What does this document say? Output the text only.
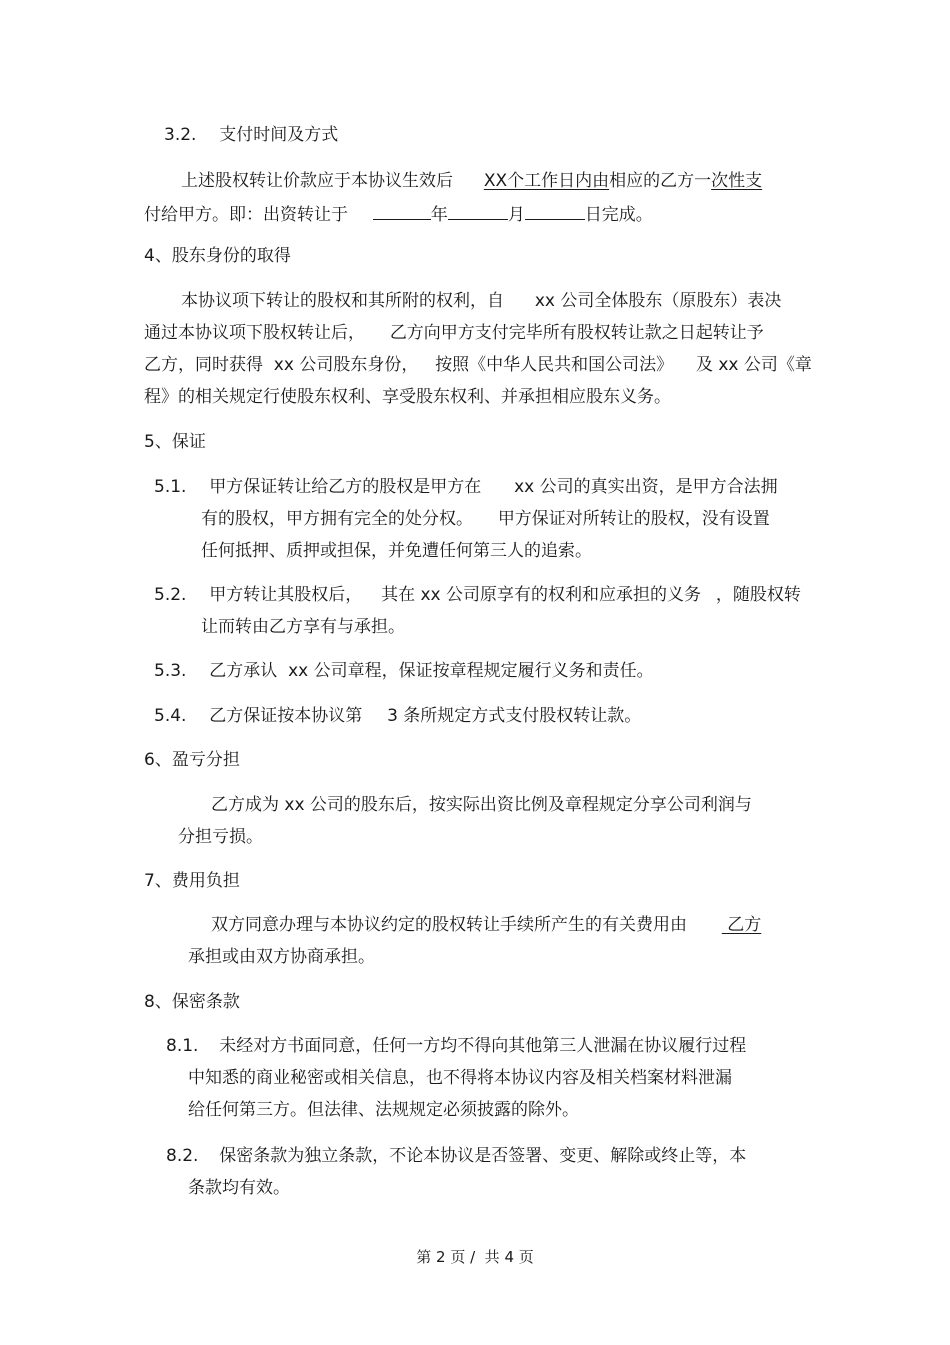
3.2. 支付时间及方式
上述股权转让价款应于本协议生效后 XX个工作日内由相应的乙方一次性支
付给甲方。即：出资转让于	年	月	日完成。
4、股东身份的取得
本协议项下转让的股权和其所附的权利，自 xx 公司全体股东（原股东）表决
通过本协议项下股权转让后， 乙方向甲方支付完毕所有股权转让款之日起转让予
乙方，同时获得  xx 公司股东身份， 按照《中华人民共和国公司法》 及 xx 公司《章
程》的相关规定行使股东权利、享受股东权利、并承担相应股东义务。
5、保证
5.1. 甲方保证转让给乙方的股权是甲方在 xx 公司的真实出资，是甲方合法拥
有的股权，甲方拥有完全的处分权。 甲方保证对所转让的股权，没有设置
任何抵押、质押或担保，并免遭任何第三人的追索。
5.2. 甲方转让其股权后， 其在 xx 公司原享有的权利和应承担的义务 ，随股权转
让而转由乙方享有与承担。
5.3. 乙方承认  xx 公司章程，保证按章程规定履行义务和责任。
5.4. 乙方保证按本协议第 3 条所规定方式支付股权转让款。
6、盈亏分担
乙方成为 xx 公司的股东后，按实际出资比例及章程规定分享公司利润与
分担亏损。
7、费用负担
双方同意办理与本协议约定的股权转让手续所产生的有关费用由   乙方
承担或由双方协商承担。
8、保密条款
8.1. 未经对方书面同意，任何一方均不得向其他第三人泄漏在协议履行过程
中知悉的商业秘密或相关信息，也不得将本协议内容及相关档案材料泄漏
给任何第三方。但法律、法规规定必须披露的除外。
8.2. 保密条款为独立条款，不论本协议是否签署、变更、解除或终止等，本
条款均有效。
第 2 页 /  共 4 页
